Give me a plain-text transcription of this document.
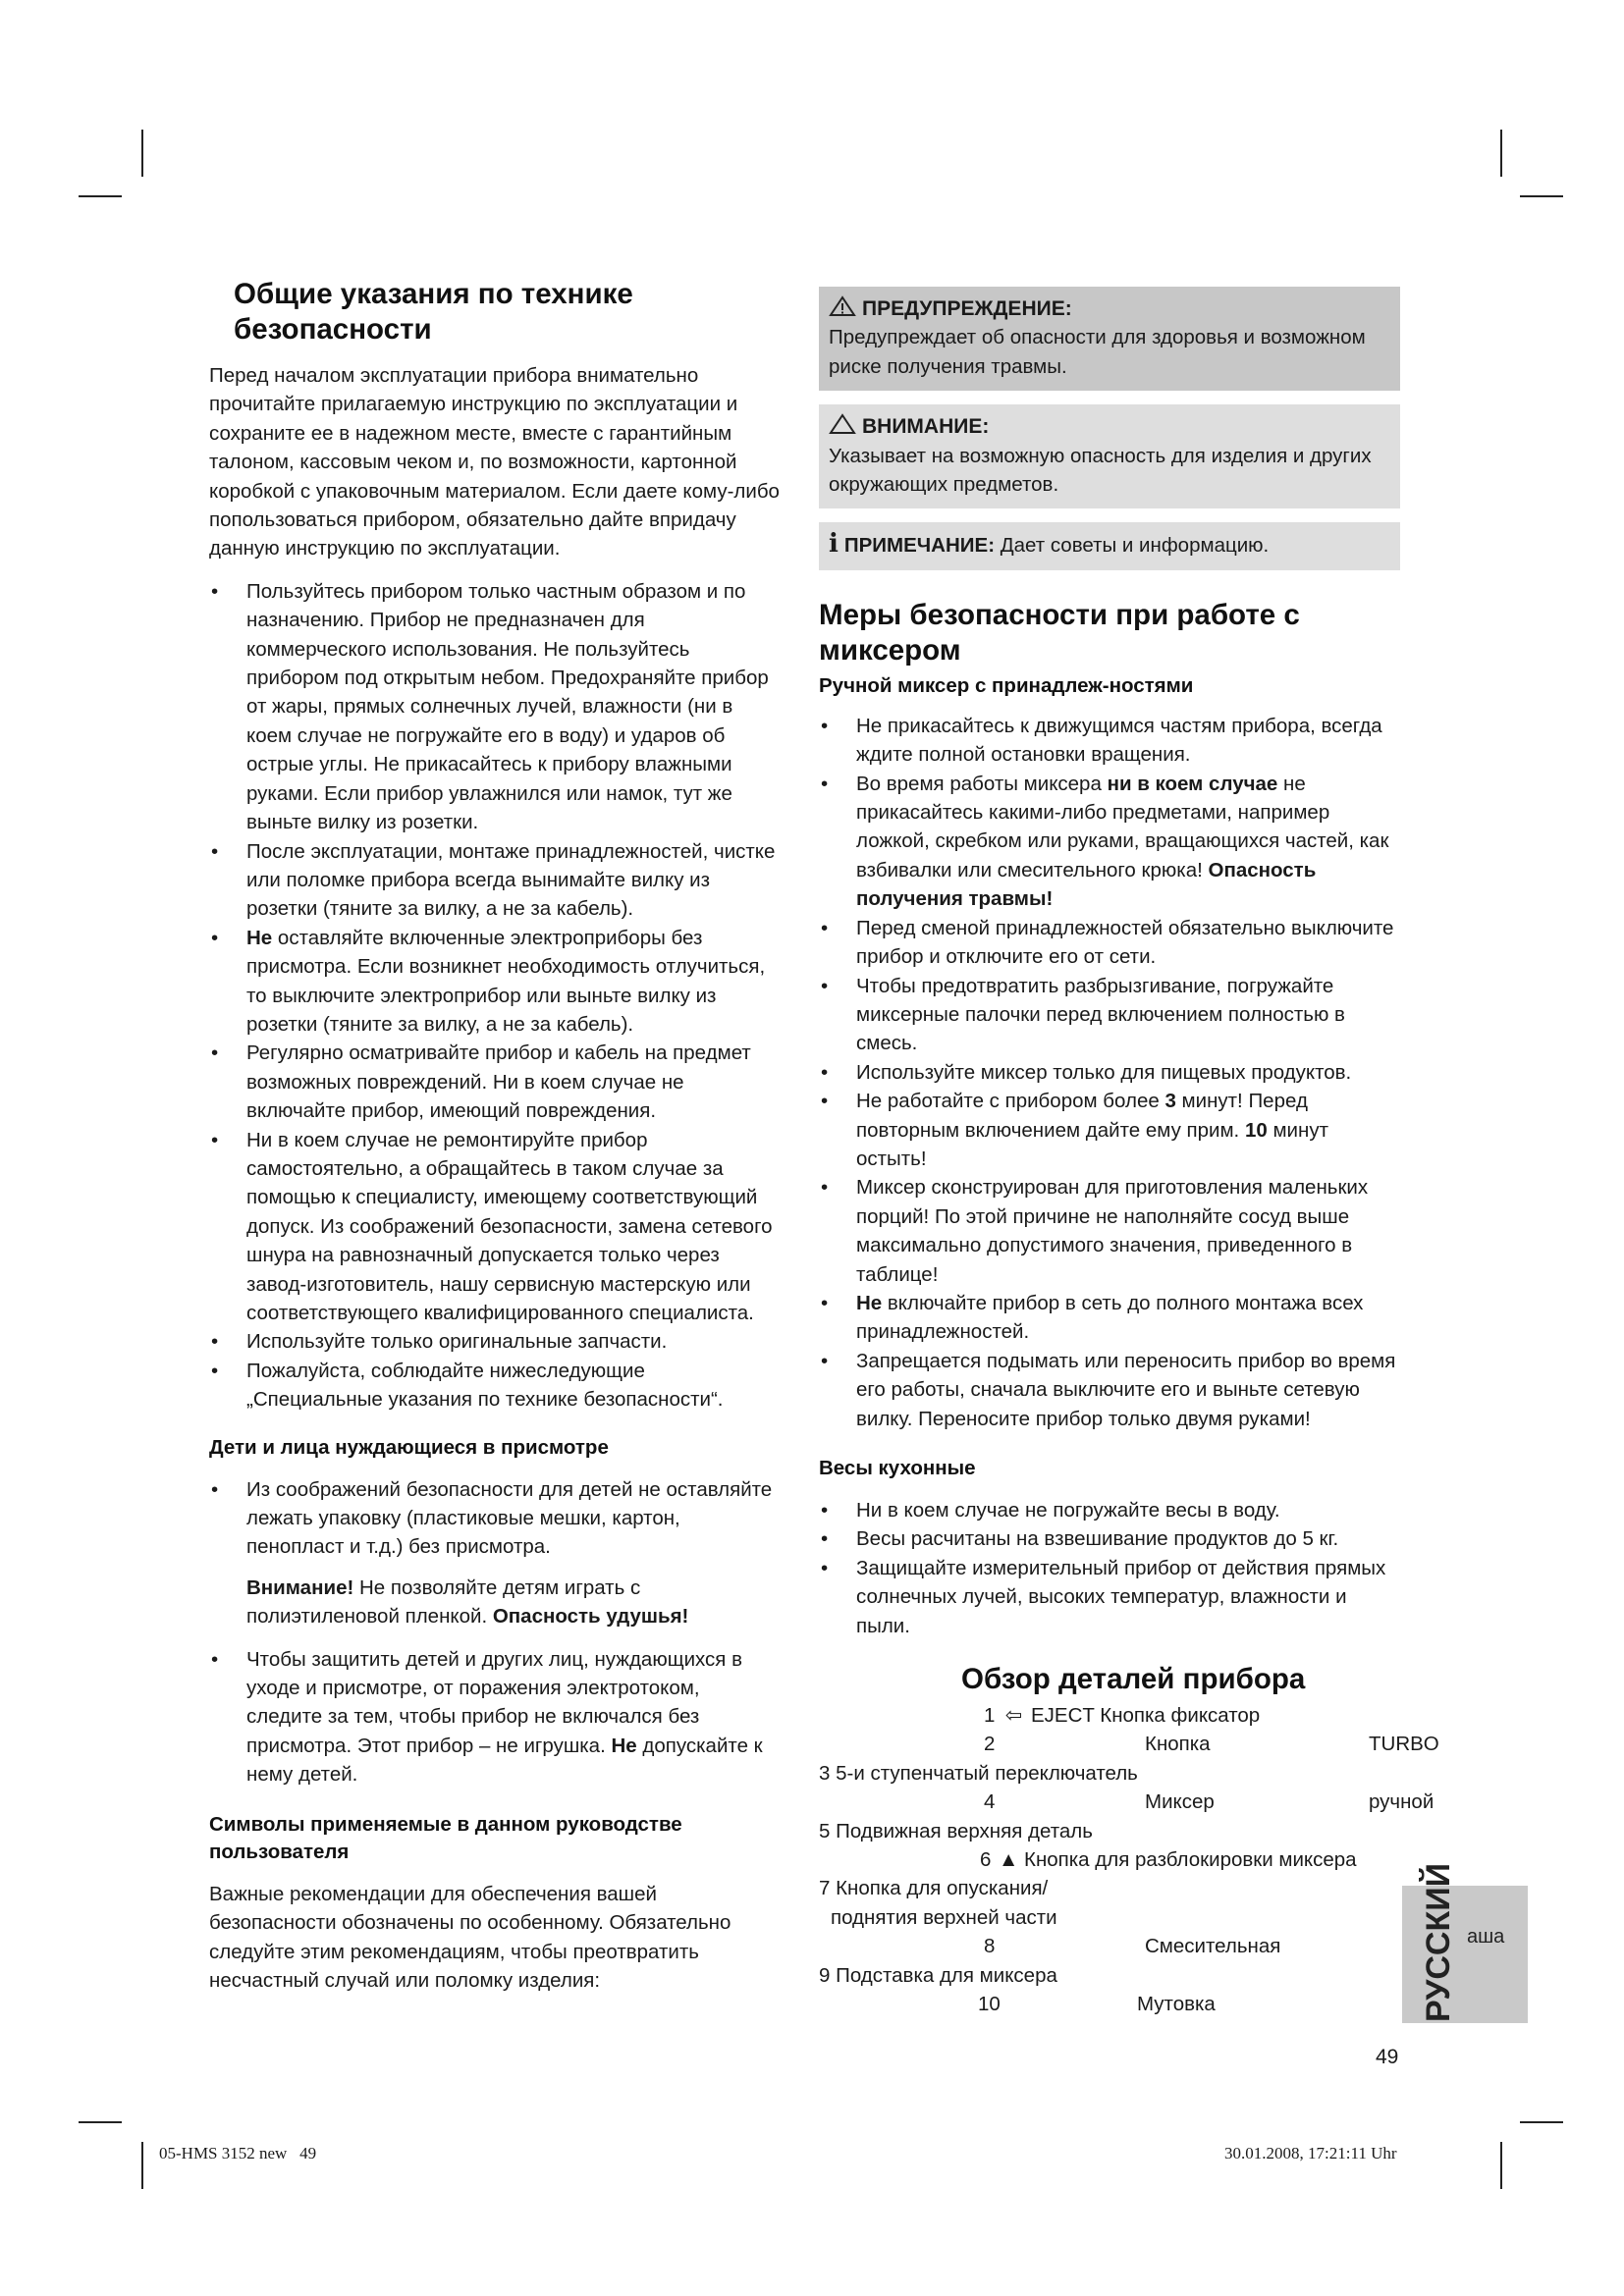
Общие указания по технике безопасности

Перед началом эксплуатации прибора внимательно прочитайте прилагаемую инструкцию по эксплуатации и сохраните ее в надежном месте, вместе с гарантийным талоном, кассовым чеком и, по возможности, картонной коробкой с упаковочным материалом. Если даете кому-либо попользоваться прибором, обязательно дайте впридачу данную инструкцию по эксплуатации.

• Пользуйтесь прибором только частным образом и по назначению. Прибор не предназначен для коммерческого использования. Не пользуйтесь прибором под открытым небом. Предохраняйте прибор от жары, прямых солнечных лучей, влажности (ни в коем случае не погружайте его в воду) и ударов об острые углы. Не прикасайтесь к прибору влажными руками. Если прибор увлажнился или намок, тут же выньте вилку из розетки.
• После эксплуатации, монтаже принадлежностей, чистке или поломке прибора всегда вынимайте вилку из розетки (тяните за вилку, а не за кабель).
• Не оставляйте включенные электроприборы без присмотра. Если возникнет необходимость отлучиться, то выключите электроприбор или выньте вилку из розетки (тяните за вилку, а не за кабель).
• Регулярно осматривайте прибор и кабель на предмет возможных повреждений. Ни в коем случае не включайте прибор, имеющий повреждения.
• Ни в коем случае не ремонтируйте прибор самостоятельно, а обращайтесь в таком случае за помощью к специалисту, имеющему соответствующий допуск. Из соображений безопасности, замена сетевого шнура на равнозначный допускается только через завод-изготовитель, нашу сервисную мастерскую или соответствующего квалифицированного специалиста.
• Используйте только оригинальные запчасти.
• Пожалуйста, соблюдайте нижеследующие „Специальные указания по технике безопасности“.
Дети и лица нуждающиеся в присмотре
• Из соображений безопасности для детей не оставляйте лежать упаковку (пластиковые мешки, картон, пенопласт и т.д.) без присмотра.

Внимание! Не позволяйте детям играть с полиэтиленовой пленкой. Опасность удушья!

• Чтобы защитить детей и других лиц, нуждающихся в уходе и присмотре, от поражения электротоком, следите за тем, чтобы прибор не включался без присмотра. Этот прибор – не игрушка. Не допускайте к нему детей.
Символы применяемые в данном руководстве пользователя

Важные рекомендации для обеспечения вашей безопасности обозначены по особенному. Обязательно следуйте этим рекомендациям, чтобы преотвратить несчастный случай или поломку изделия:

ПРЕДУПРЕЖДЕНИЕ:
Предупреждает об опасности для здоровья и возможном риске получения травмы.
ВНИМАНИЕ:
Указывает на возможную опасность для изделия и других окружающих предметов.
i ПРИМЕЧАНИЕ: Дает советы и информацию.
Меры безопасности при работе с миксером
Ручной миксер с принадлеж-ностями
• Не прикасайтесь к движущимся частям прибора, всегда ждите полной остановки вращения.
• Во время работы миксера ни в коем случае не прикасайтесь какими-либо предметами, например ложкой, скребком или руками, вращающихся частей, как взбивалки или смесительного крюка! Опасность получения травмы!
• Перед сменой принадлежностей обязательно выключите прибор и отключите его от сети.
• Чтобы предотвратить разбрызгивание, погружайте миксерные палочки перед включением полностью в смесь.
• Используйте миксер только для пищевых продуктов.
• Не работайте с прибором более 3 минут! Перед повторным включением дайте ему прим. 10 минут остыть!
• Миксер сконструирован для приготовления маленьких порций! По этой причине не наполняйте сосуд выше максимально допустимого значения, приведенного в таблице!
• Не включайте прибор в сеть до полного монтажа всех принадлежностей.
• Запрещается подымать или переносить прибор во время его работы, сначала выключите его и выньте сетевую вилку. Переносите прибор только двумя руками!
Весы кухонные
• Ни в коем случае не погружайте весы в воду.
• Весы расчитаны на взвешивание продуктов до 5 кг.
• Защищайте измерительный прибор от действия прямых солнечных лучей, высоких температур, влажности и пыли.
Обзор деталей прибора
1 ⇦ EJECT Кнопка фиксатор
2	Кнопка	TURBO
3 5-и ступенчатый переключатель
4	Миксер	ручной
5 Подвижная верхняя деталь
6 ▲ Кнопка для разблокировки миксера
7 Кнопка для опускания/
поднятия верхней части
8	Смесительная
9 Подставка для миксера
10	Мутовка	РУССКИЙ аша
49
05-HMS 3152 new   49	30.01.2008, 17:21:11 Uhr
